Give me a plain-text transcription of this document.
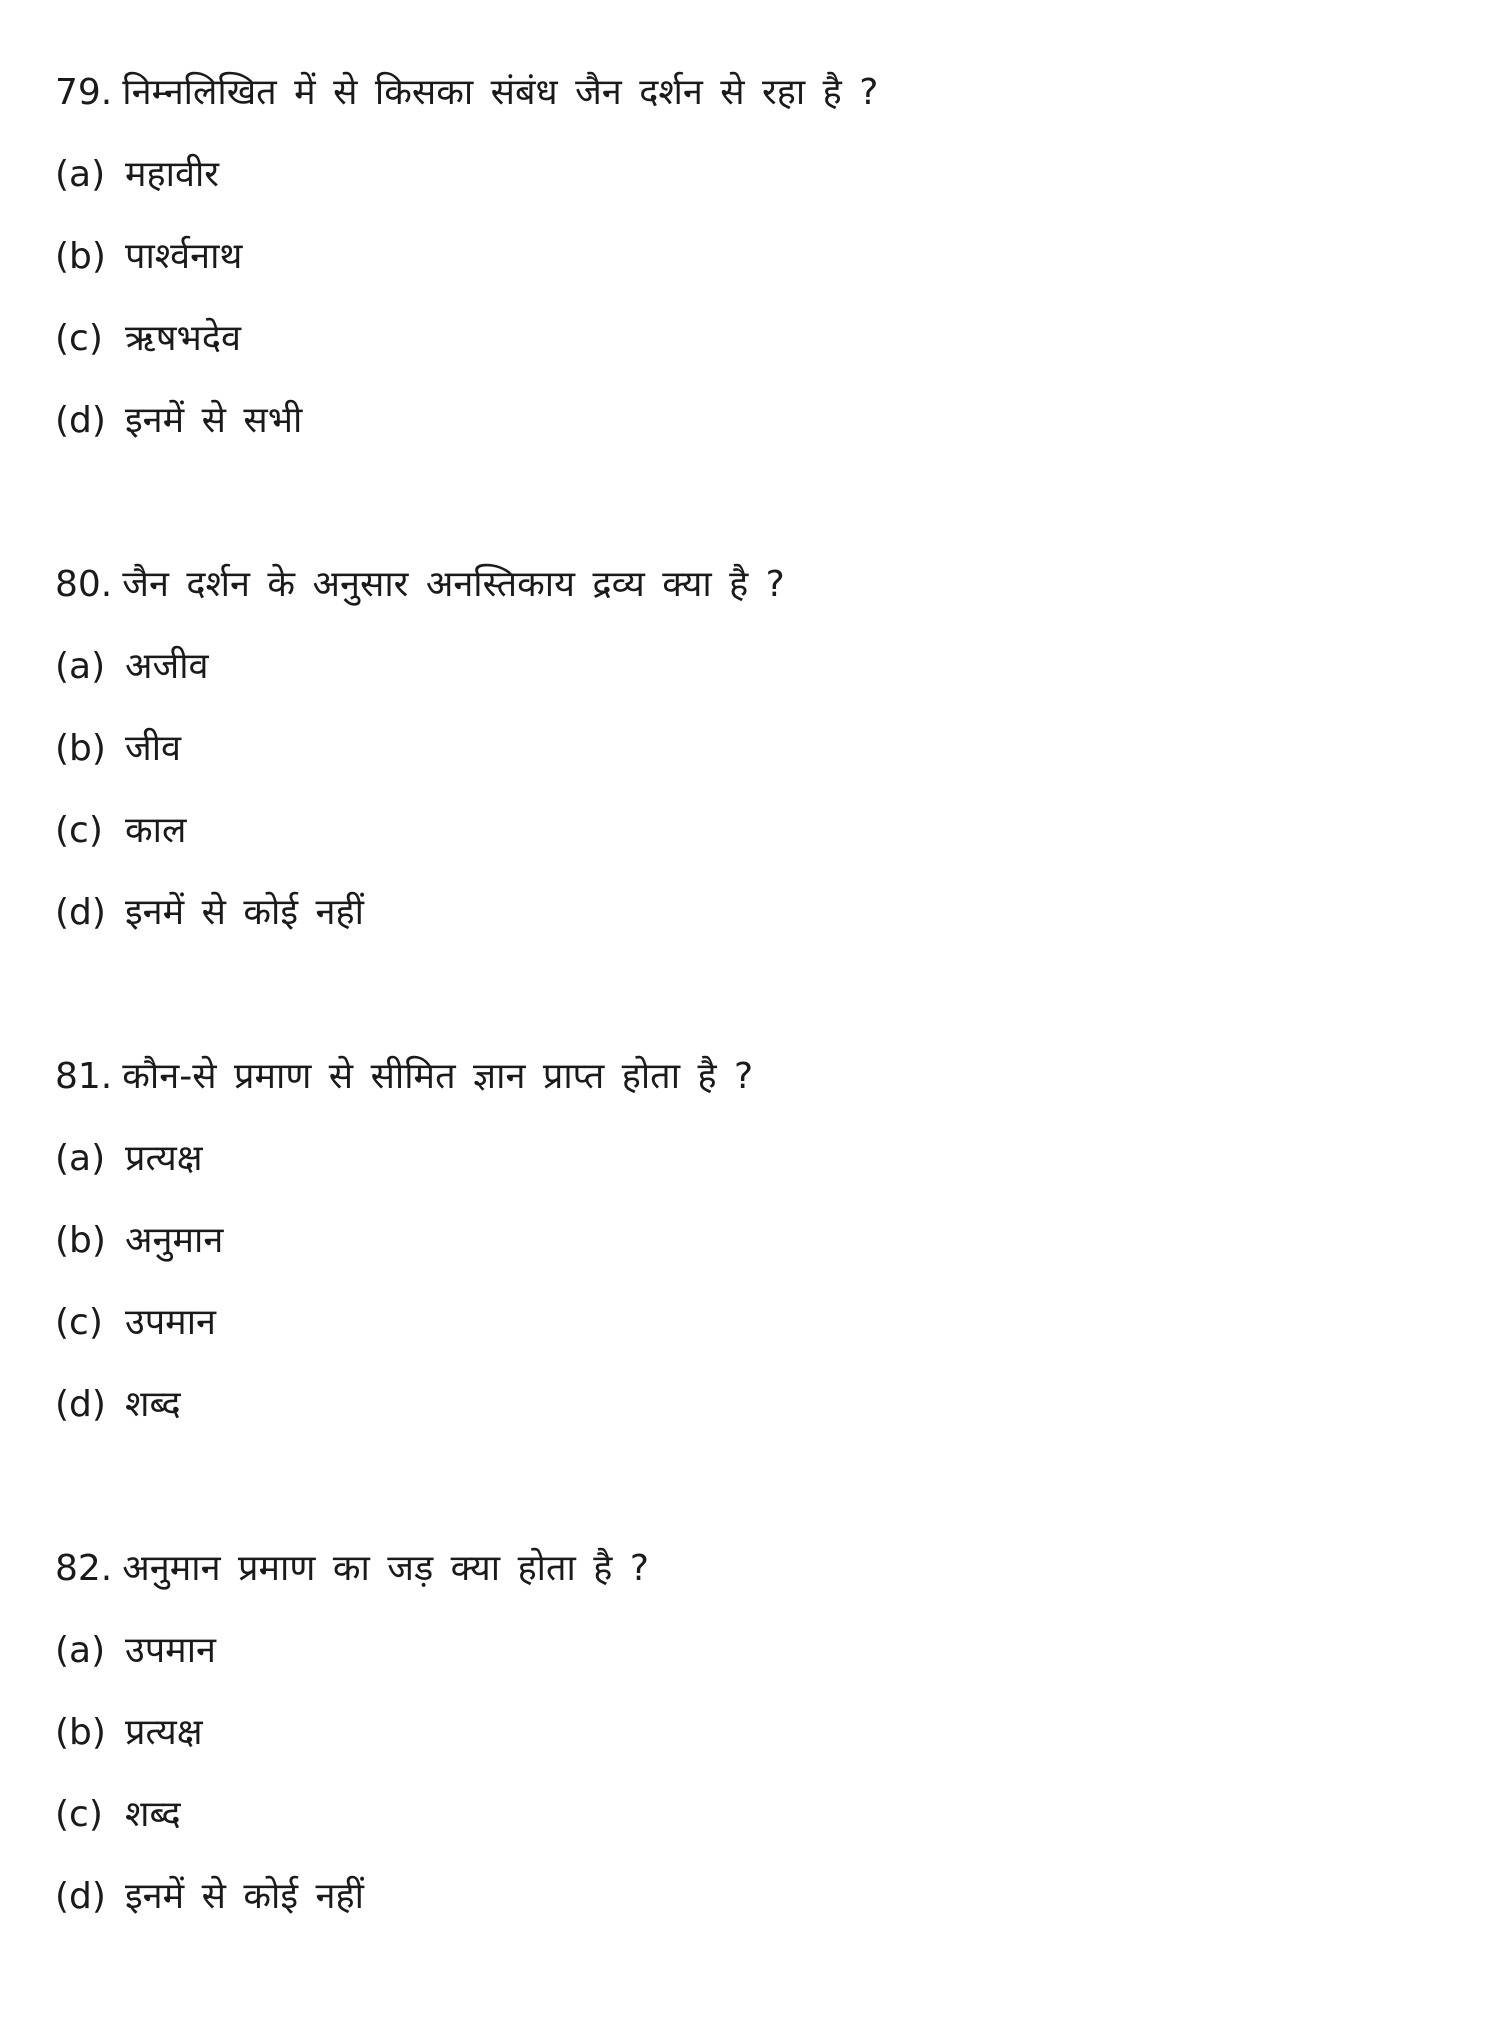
79. निम्नलिखित में से किसका संबंध जैन दर्शन से रहा है ?
(a) महावीर
(b) पार्श्वनाथ
(c) ऋषभदेव
(d) इनमें से सभी
80. जैन दर्शन के अनुसार अनस्तिकाय द्रव्य क्या है ?
(a) अजीव
(b) जीव
(c) काल
(d) इनमें से कोई नहीं
81. कौन-से प्रमाण से सीमित ज्ञान प्राप्त होता है ?
(a) प्रत्यक्ष
(b) अनुमान
(c) उपमान
(d) शब्द
82. अनुमान प्रमाण का जड़ क्या होता है ?
(a) उपमान
(b) प्रत्यक्ष
(c) शब्द
(d) इनमें से कोई नहीं
